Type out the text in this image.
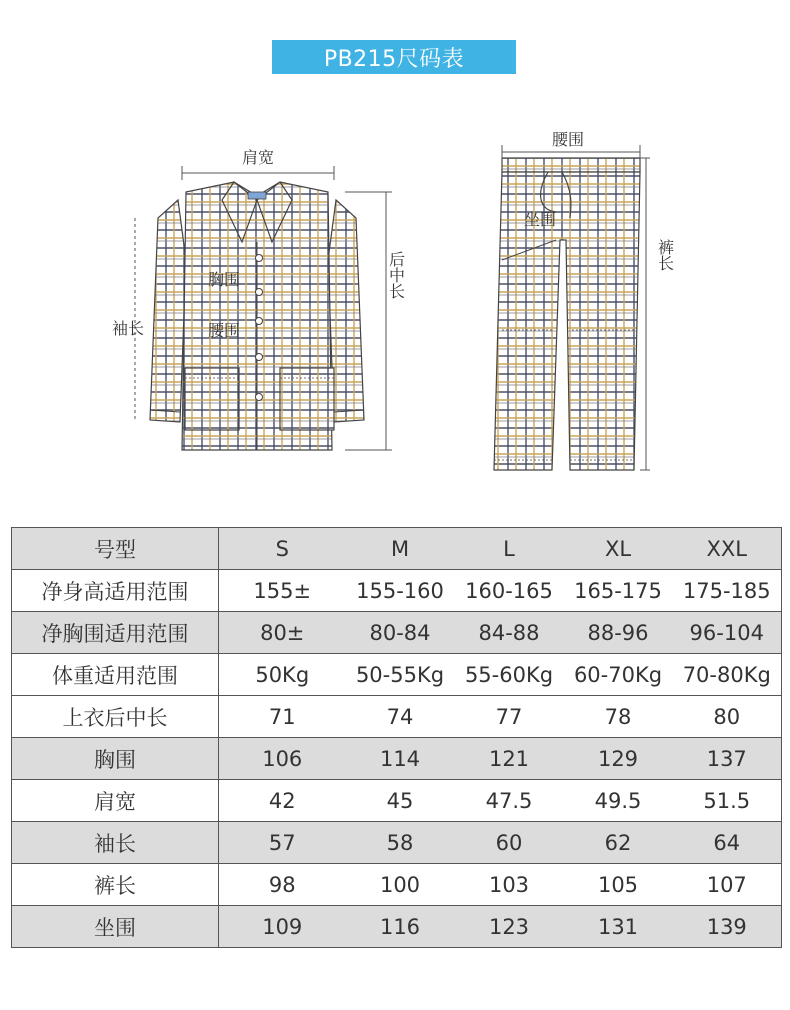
PB215尺码表
肩宽
袖长
胸围
腰围
后中长
腰围
坐围
裤长
号型	S	M	L	XL	XXL
净身高适用范围	155±	155-160	160-165	165-175	175-185
净胸围适用范围	80±	80-84	84-88	88-96	96-104
体重适用范围	50Kg	50-55Kg	55-60Kg	60-70Kg	70-80Kg
上衣后中长	71	74	77	78	80
胸围	106	114	121	129	137
肩宽	42	45	47.5	49.5	51.5
袖长	57	58	60	62	64
裤长	98	100	103	105	107
坐围	109	116	123	131	139
